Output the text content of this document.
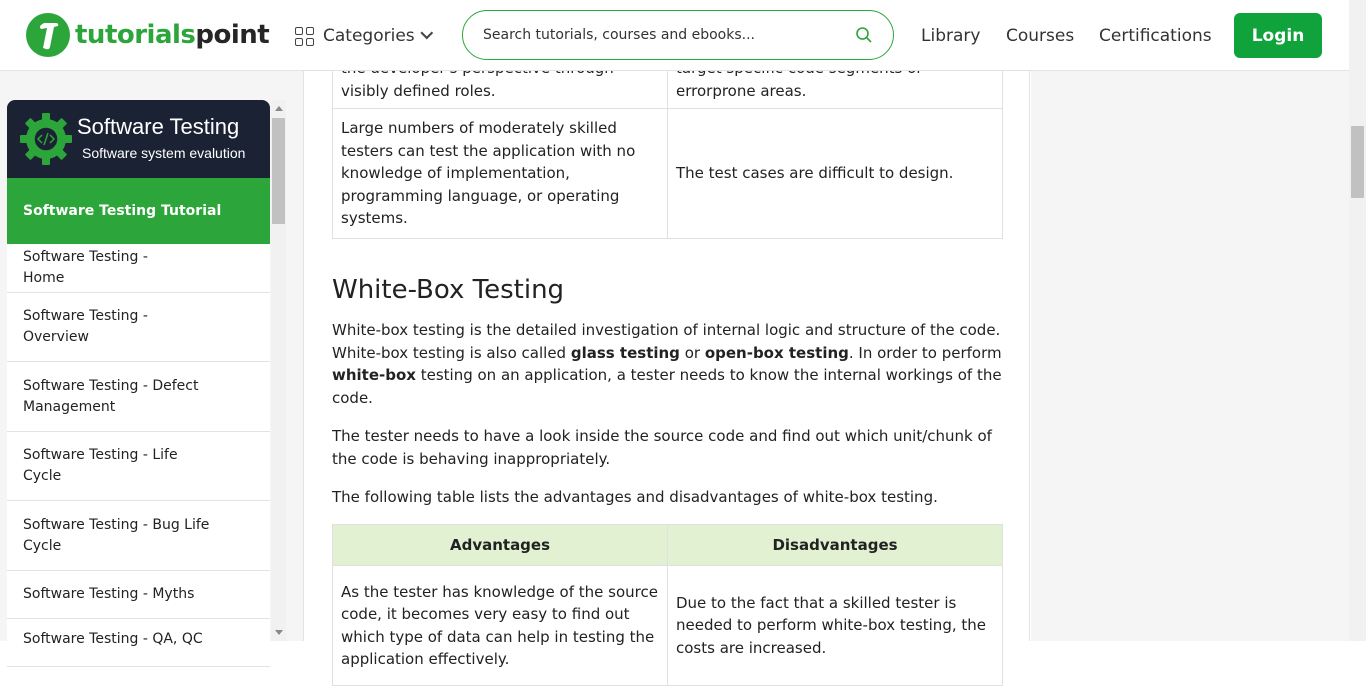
tutorialspoint	Categories
Search tutorials, courses and ebooks...	Library Courses Certifications	Login
Software Testing
Software system evalution
Software Testing Tutorial
Software Testing - Home
Software Testing - Overview
Software Testing - Defect Management
Software Testing - Life Cycle
Software Testing - Bug Life Cycle
Software Testing - Myths
Software Testing - QA, QC
visibly defined roles.	errorprone areas.
Large numbers of moderately skilled testers can test the application with no knowledge of implementation, programming language, or operating systems.	The test cases are difficult to design.
White-Box Testing

White-box testing is the detailed investigation of internal logic and structure of the code. White-box testing is also called glass testing or open-box testing. In order to perform white-box testing on an application, a tester needs to know the internal workings of the code.

The tester needs to have a look inside the source code and find out which unit/chunk of the code is behaving inappropriately.

The following table lists the advantages and disadvantages of white-box testing.

Advantages	Disadvantages
As the tester has knowledge of the source code, it becomes very easy to find out which type of data can help in testing the application effectively.	Due to the fact that a skilled tester is needed to perform white-box testing, the costs are increased.
